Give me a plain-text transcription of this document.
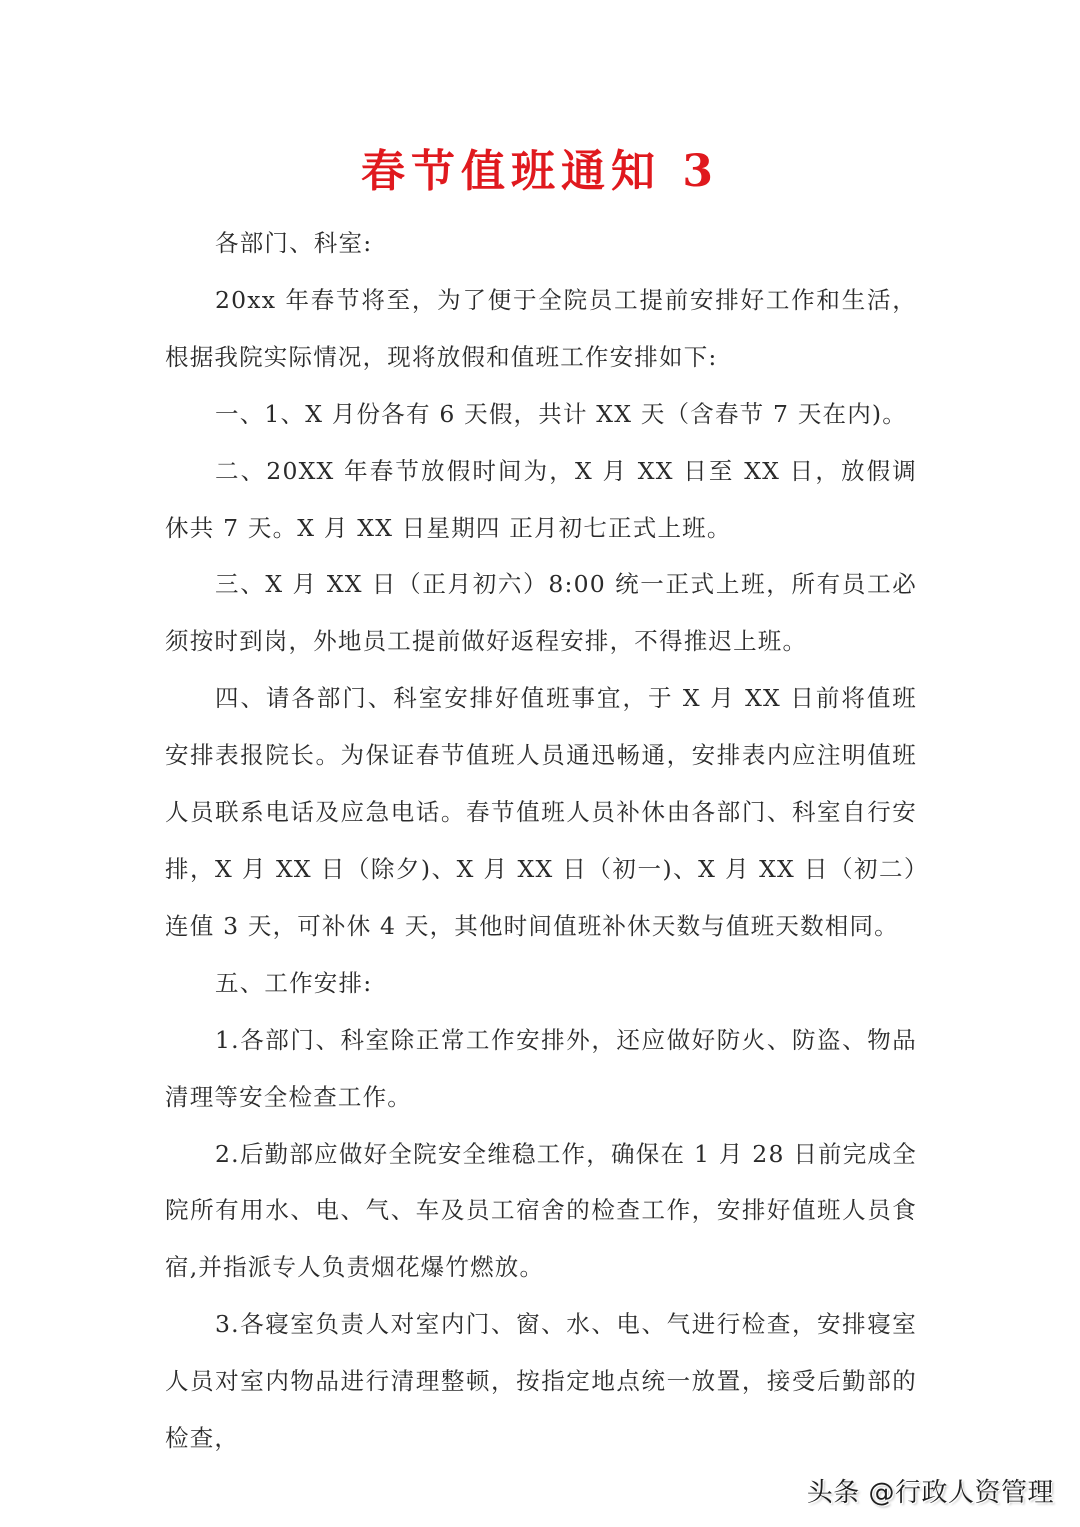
春节值班通知 3

各部门、科室:

20xx 年春节将至，为了便于全院员工提前安排好工作和生活，根据我院实际情况，现将放假和值班工作安排如下:

一、1、X 月份各有 6 天假，共计 XX 天（含春节 7 天在内)。

二、20XX 年春节放假时间为，X 月 XX 日至 XX 日，放假调休共 7 天。X 月 XX 日星期四 正月初七正式上班。

三、X 月 XX 日（正月初六）8:00 统一正式上班，所有员工必须按时到岗，外地员工提前做好返程安排，不得推迟上班。

四、请各部门、科室安排好值班事宜，于 X 月 XX 日前将值班安排表报院长。为保证春节值班人员通迅畅通，安排表内应注明值班人员联系电话及应急电话。春节值班人员补休由各部门、科室自行安排，X 月 XX 日（除夕)、X 月 XX 日（初一)、X 月 XX 日（初二）连值 3 天，可补休 4 天，其他时间值班补休天数与值班天数相同。

五、工作安排:

1.各部门、科室除正常工作安排外，还应做好防火、防盗、物品清理等安全检查工作。

2.后勤部应做好全院安全维稳工作，确保在 1 月 28 日前完成全院所有用水、电、气、车及员工宿舍的检查工作，安排好值班人员食宿,并指派专人负责烟花爆竹燃放。

3.各寝室负责人对室内门、窗、水、电、气进行检查，安排寝室人员对室内物品进行清理整顿，按指定地点统一放置，接受后勤部的检查，

头条 @行政人资管理
